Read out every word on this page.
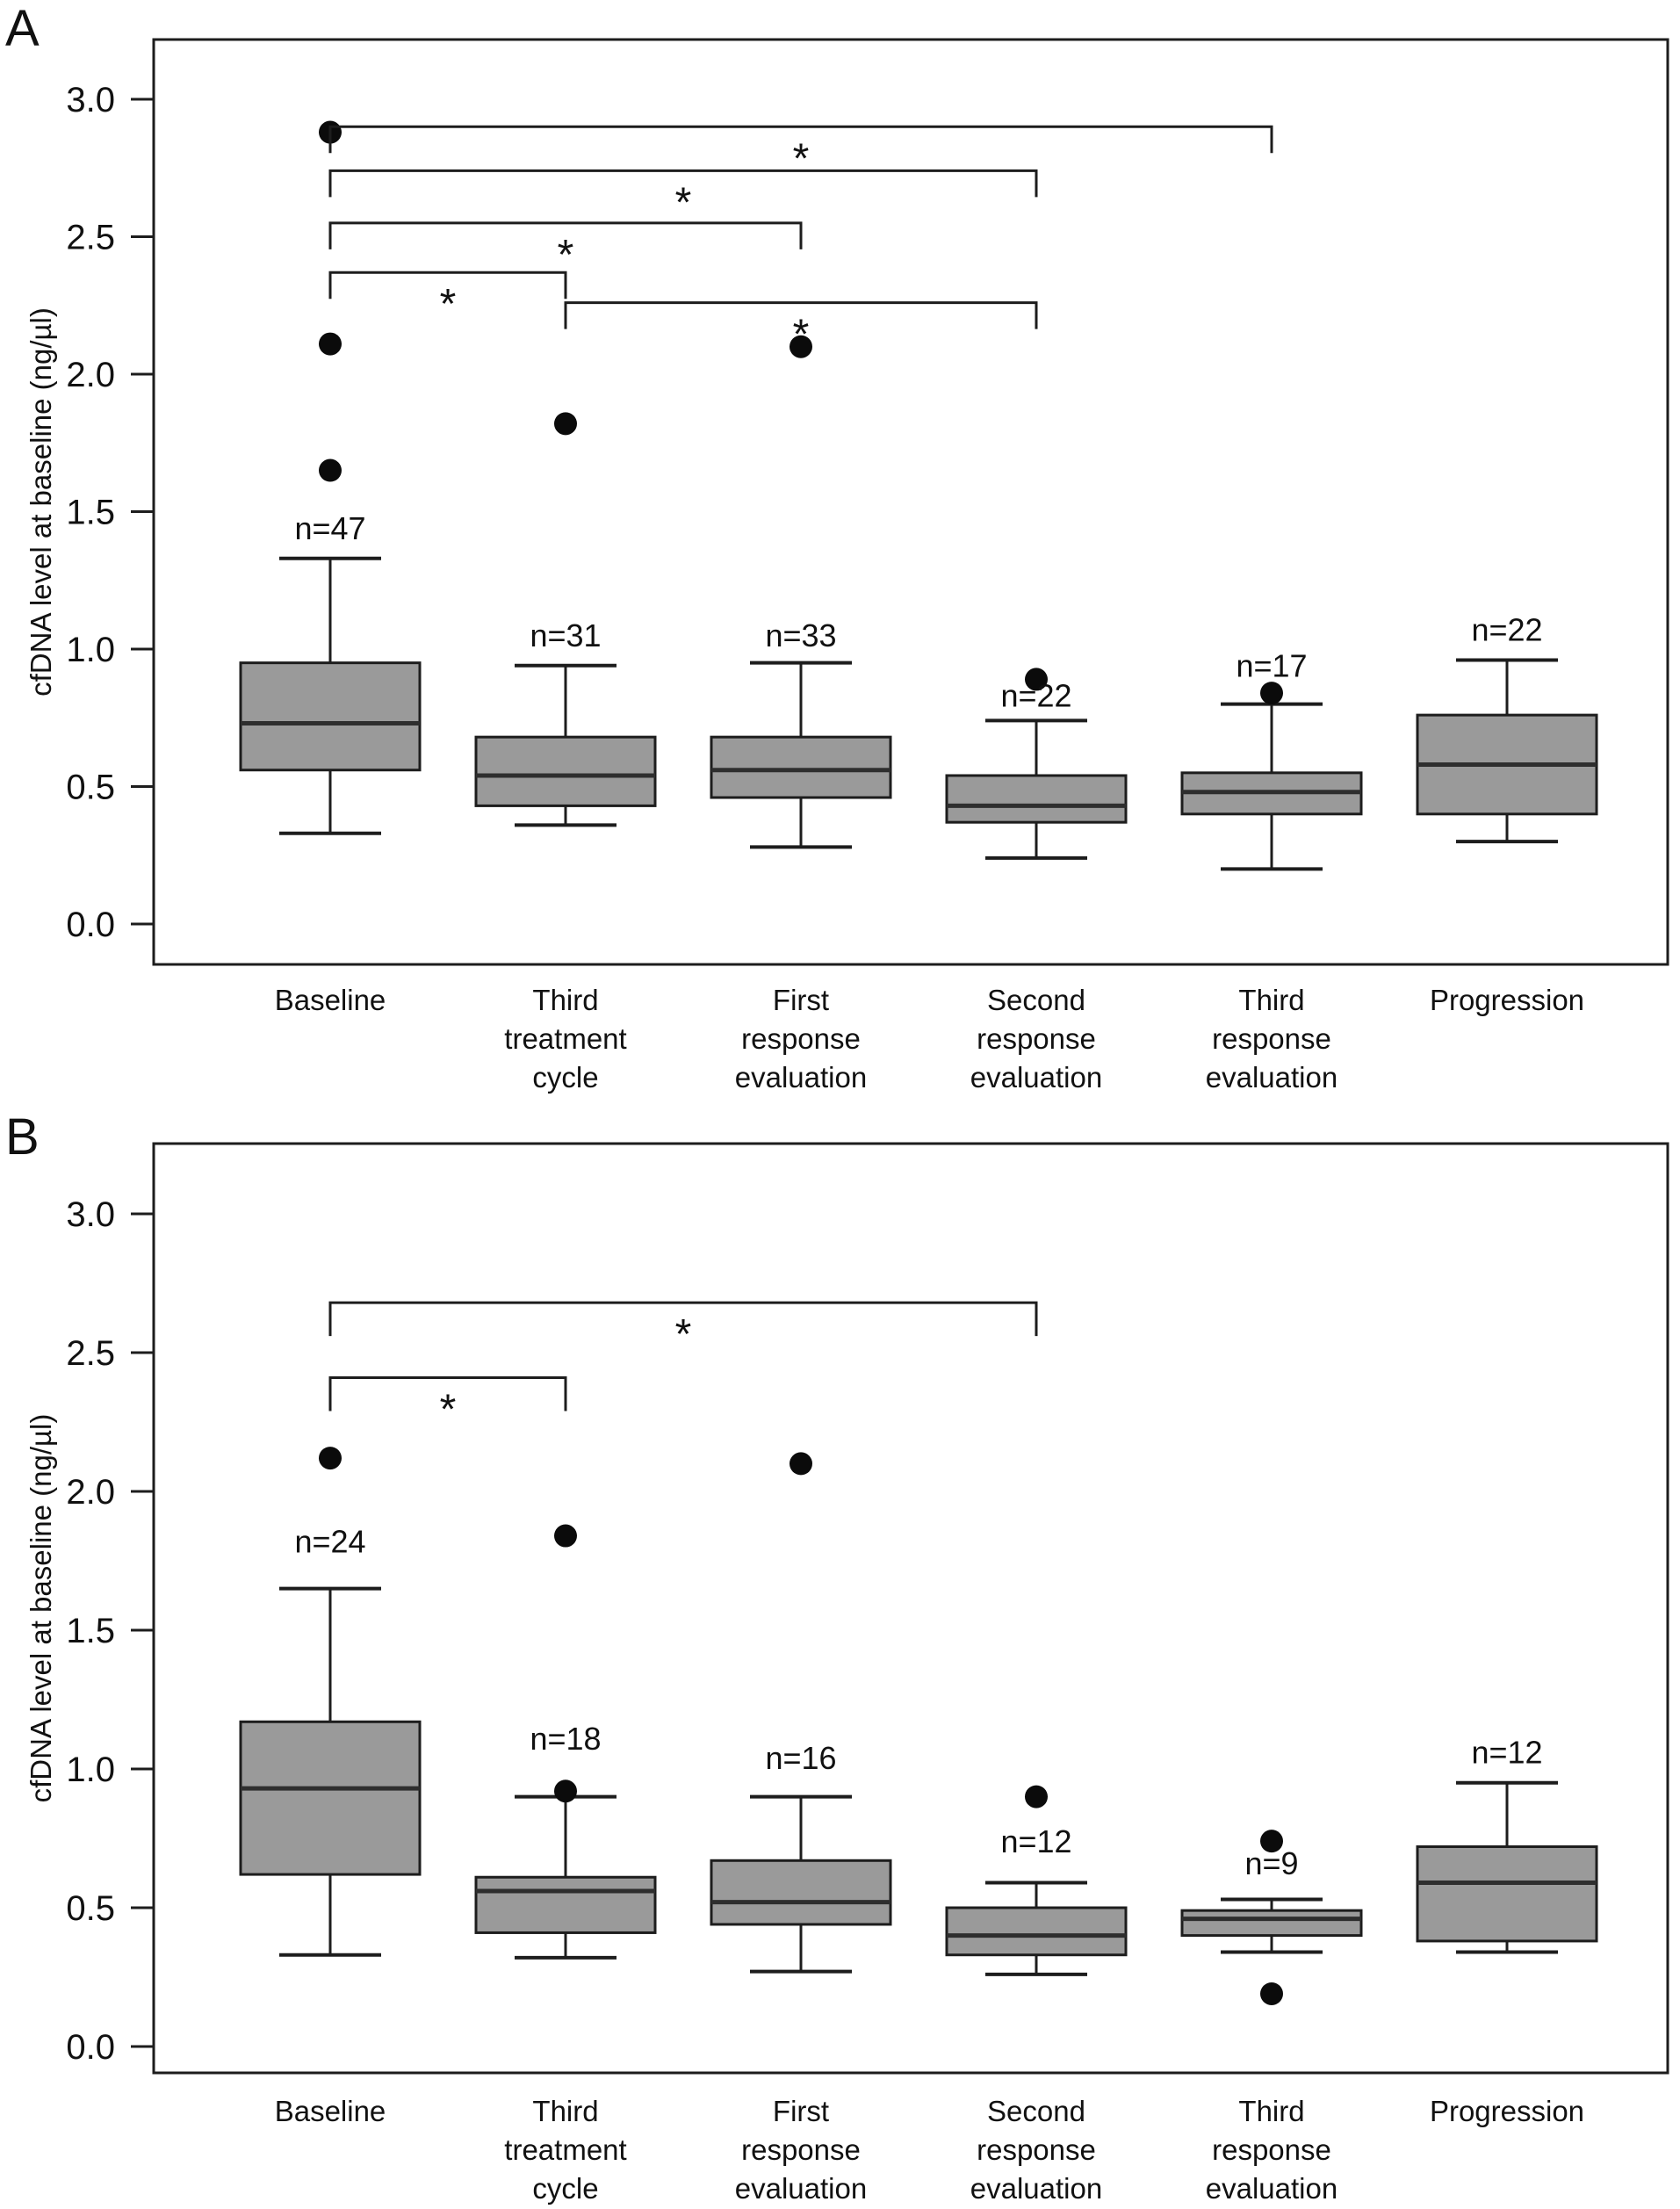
A
B
0.0
0.5
1.0
1.5
2.0
2.5
3.0
cfDNA level at baseline (ng/µl)	n=47
Baseline
n=31
Third
treatment
cycle
n=33
First
response
evaluation
n=22
Second
response
evaluation
n=17
Third
response
evaluation
n=22
Progression
*
*
*
*
*
0.0
0.5
1.0
1.5
2.0
2.5
3.0
cfDNA level at baseline (ng/µl)	n=24
Baseline
n=18
Third
treatment
cycle
n=16
First
response
evaluation
n=12
Second
response
evaluation
n=9
Third
response
evaluation
n=12
Progression
*
*
